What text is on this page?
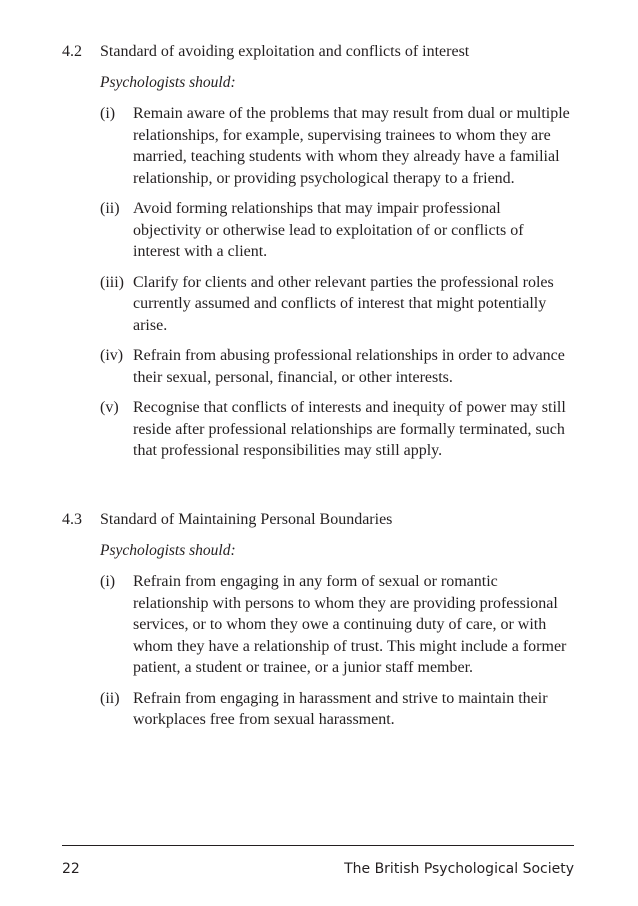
4.2 Standard of avoiding exploitation and conflicts of interest
Psychologists should:
(i) Remain aware of the problems that may result from dual or multiple relationships, for example, supervising trainees to whom they are married, teaching students with whom they already have a familial relationship, or providing psychological therapy to a friend.
(ii) Avoid forming relationships that may impair professional objectivity or otherwise lead to exploitation of or conflicts of interest with a client.
(iii) Clarify for clients and other relevant parties the professional roles currently assumed and conflicts of interest that might potentially arise.
(iv) Refrain from abusing professional relationships in order to advance their sexual, personal, financial, or other interests.
(v) Recognise that conflicts of interests and inequity of power may still reside after professional relationships are formally terminated, such that professional responsibilities may still apply.
4.3 Standard of Maintaining Personal Boundaries
Psychologists should:
(i) Refrain from engaging in any form of sexual or romantic relationship with persons to whom they are providing professional services, or to whom they owe a continuing duty of care, or with whom they have a relationship of trust. This might include a former patient, a student or trainee, or a junior staff member.
(ii) Refrain from engaging in harassment and strive to maintain their workplaces free from sexual harassment.
22	The British Psychological Society
